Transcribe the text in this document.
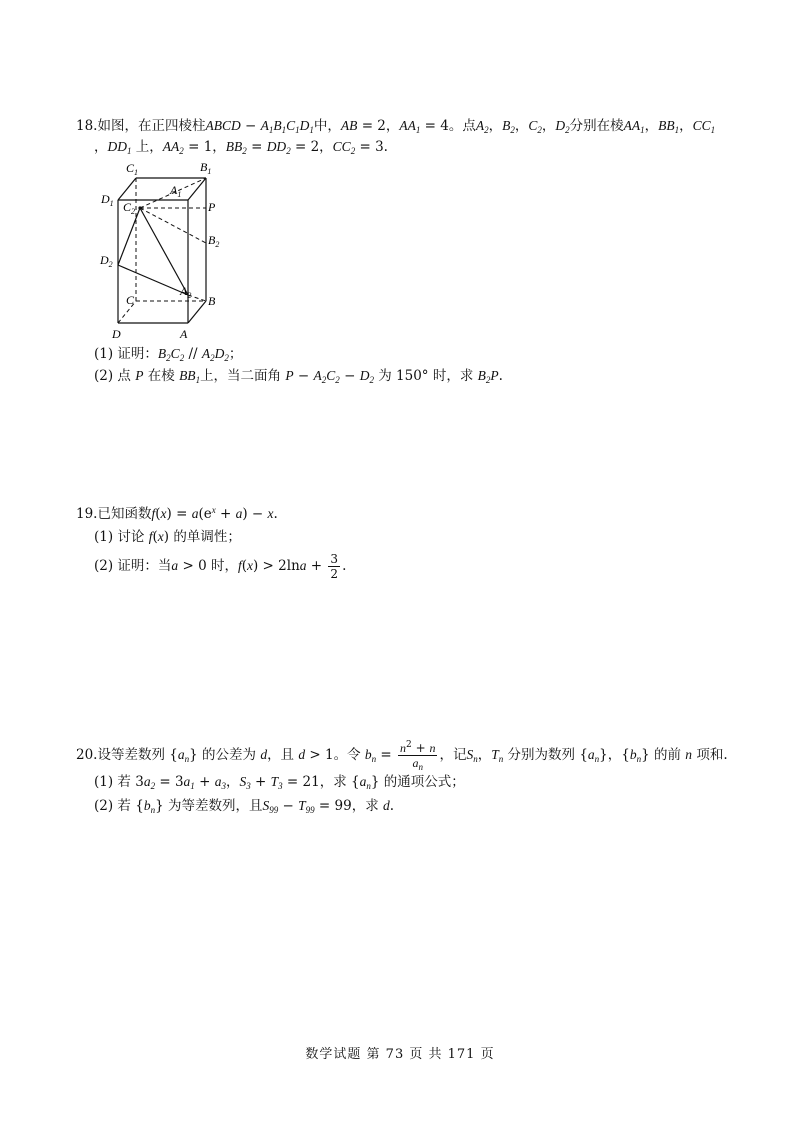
18.如图，在正四棱柱ABCD − $A_1B_1C_1D_1$中，AB = 2，$AA_1 = 4$。点$A_2$，$B_2$，$C_2$，$D_2$分别在棱$AA_1$，$BB_1$，$CC_1$
，$DD_1$ 上，$AA_2 = 1$，$BB_2 = DD_2 = 2$，$CC_2 = 3$.
$C_1$	$B_1$
$A_1$
$D_1$ $C_2$	P
$B_2$
$D_2$
$A_2$
C	B
D	A
(1) 证明：$B_2C_2 // A_2D_2$；
(2) 点 P 在棱 $BB_1$上，当二面角 $P - A_2C_2 - D_2$ 为 150° 时，求 $B_2P$.
19.已知函数$f(x) = a(e^x + a) - x$.
(1) 讨论 f(x) 的单调性；
(2) 证明：当a > 0 时，$f(x) > 2\ln a + \frac{3}{2}$ .
20.设等差数列 $\{a_n\}$ 的公差为 d，且 d > 1。令 $b_n = \frac{n^2 + n}{a_n}$ ，记$S_n$，$T_n$ 分别为数列 $\{a_n\}$，$\{b_n\}$ 的前 n 项和.
(1) 若 $3a_2 = 3a_1 + a_3$，$S_3 + T_3 = 21$，求 $\{a_n\}$ 的通项公式；
(2) 若 $\{b_n\}$ 为等差数列，且$S_{99} - T_{99} = 99$，求 d.
数学试题 第 73 页 共 171 页
